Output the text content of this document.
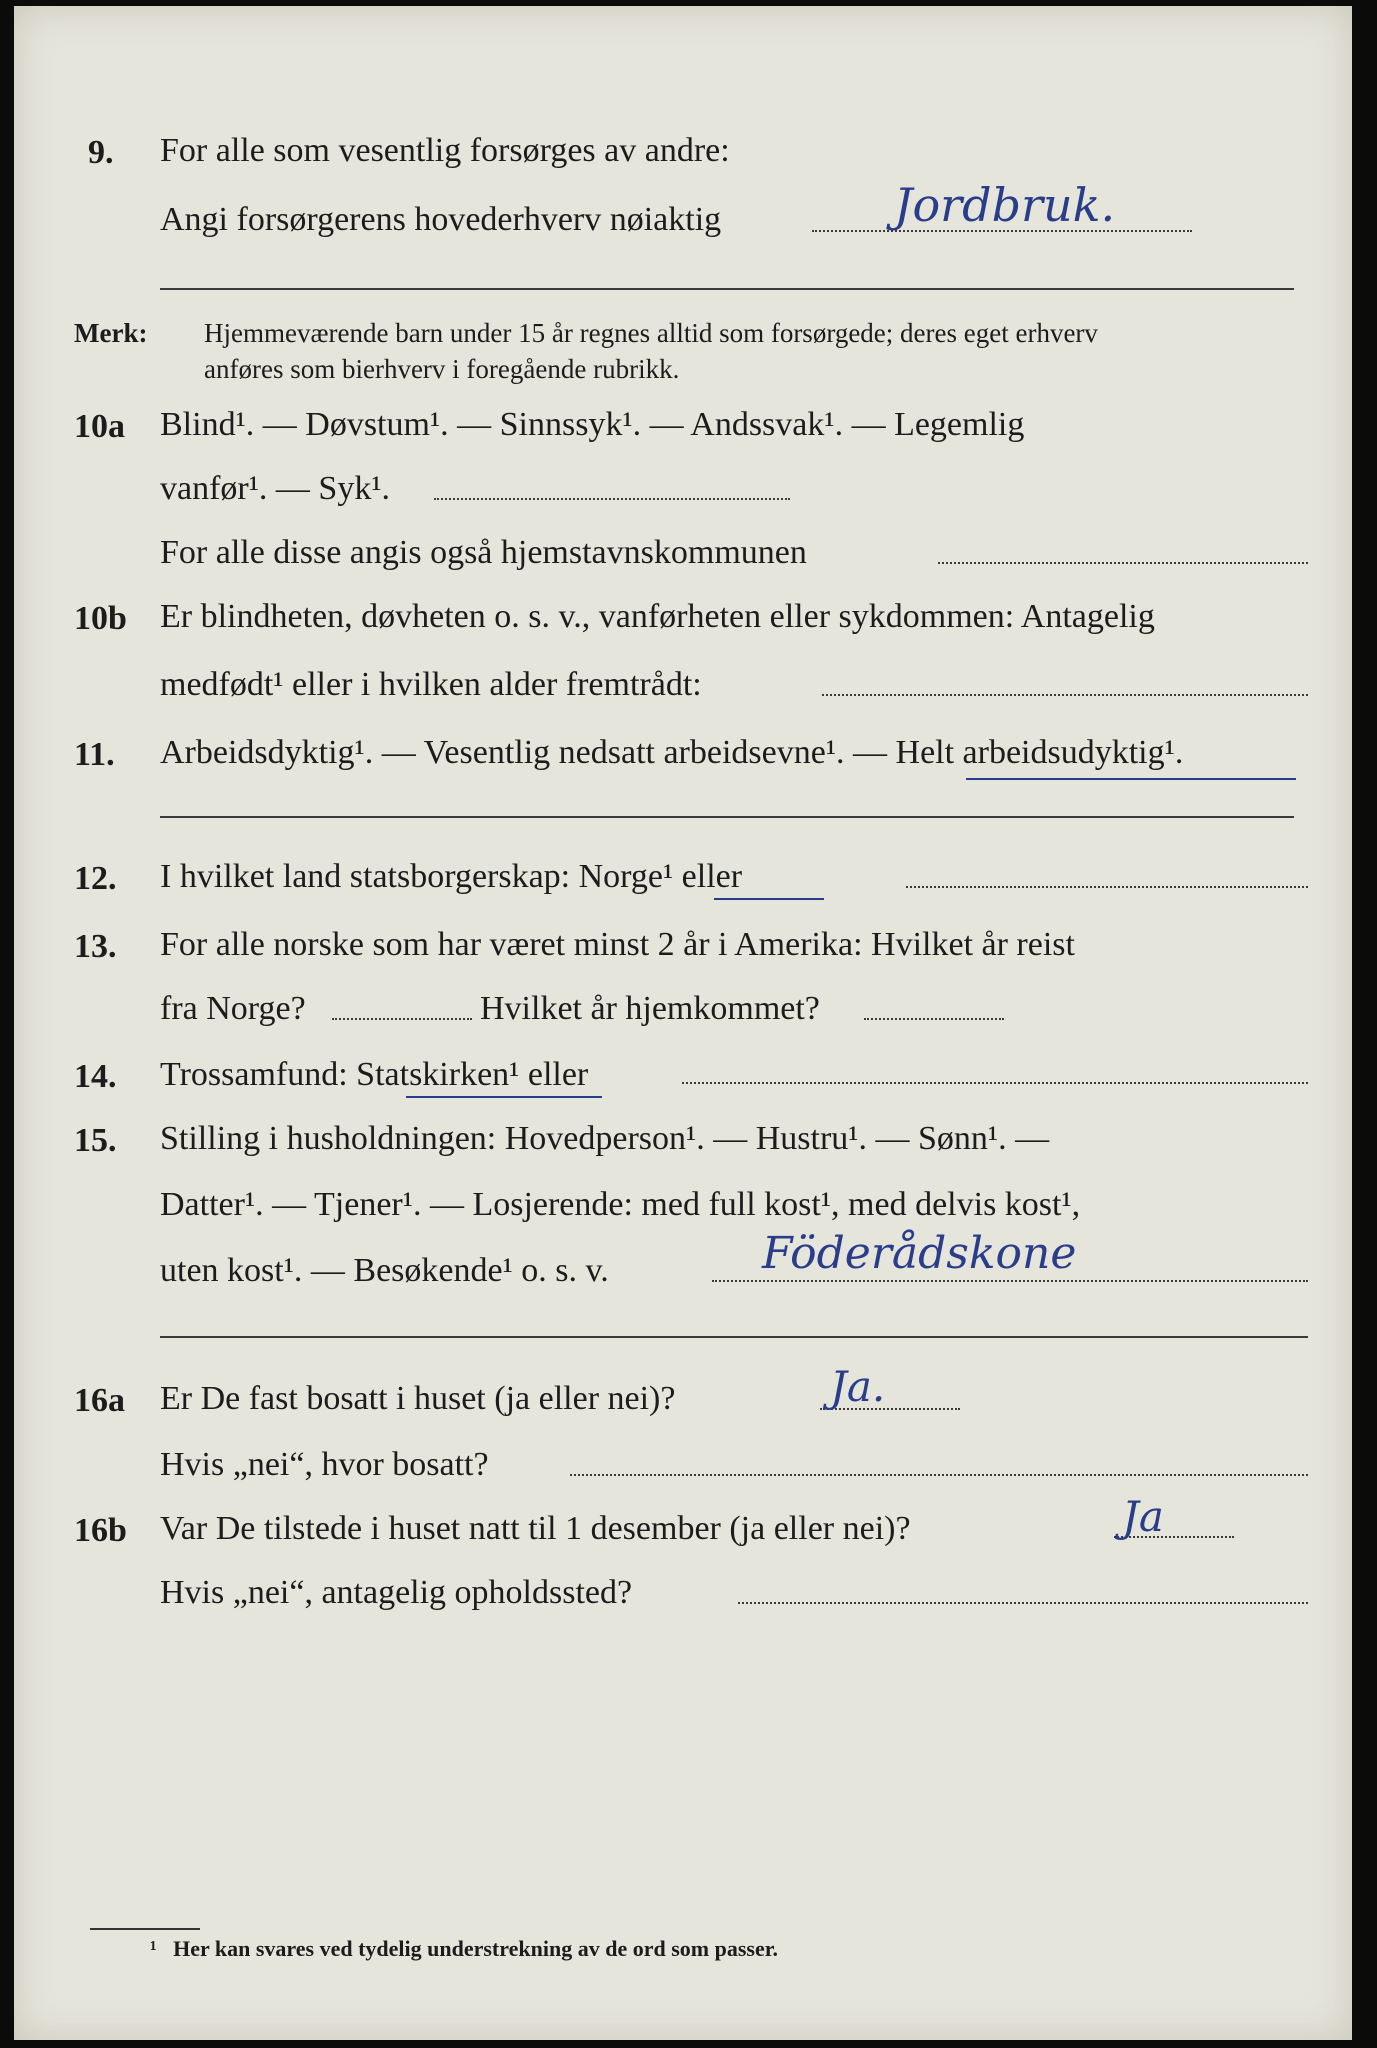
9. For alle som vesentlig forsørges av andre:
Angi forsørgerens hovederhverv nøiaktig	Jordbruk.
Merk: Hjemmeværende barn under 15 år regnes alltid som forsørgede; deres eget erhverv
anføres som bierhverv i foregående rubrikk.
10a Blind¹. — Døvstum¹. — Sinnssyk¹. — Andssvak¹. — Legemlig
vanfør¹. — Syk¹.
For alle disse angis også hjemstavnskommunen
10b Er blindheten, døvheten o. s. v., vanførheten eller sykdommen: Antagelig
medfødt¹ eller i hvilken alder fremtrådt:
11. Arbeidsdyktig¹. — Vesentlig nedsatt arbeidsevne¹. — Helt arbeidsudyktig¹.
12. I hvilket land statsborgerskap: Norge¹ eller
13. For alle norske som har været minst 2 år i Amerika: Hvilket år reist
fra Norge?	Hvilket år hjemkommet?
14. Trossamfund: Statskirken¹ eller
15. Stilling i husholdningen: Hovedperson¹. — Hustru¹. — Sønn¹. —
Datter¹. — Tjener¹. — Losjerende: med full kost¹, med delvis kost¹,
uten kost¹. — Besøkende¹ o. s. v.	Föderådskone
16a Er De fast bosatt i huset (ja eller nei)?	Ja.
Hvis „nei“, hvor bosatt?
16b Var De tilstede i huset natt til 1 desember (ja eller nei)?	Ja
Hvis „nei“, antagelig opholdssted?
¹ Her kan svares ved tydelig understrekning av de ord som passer.
